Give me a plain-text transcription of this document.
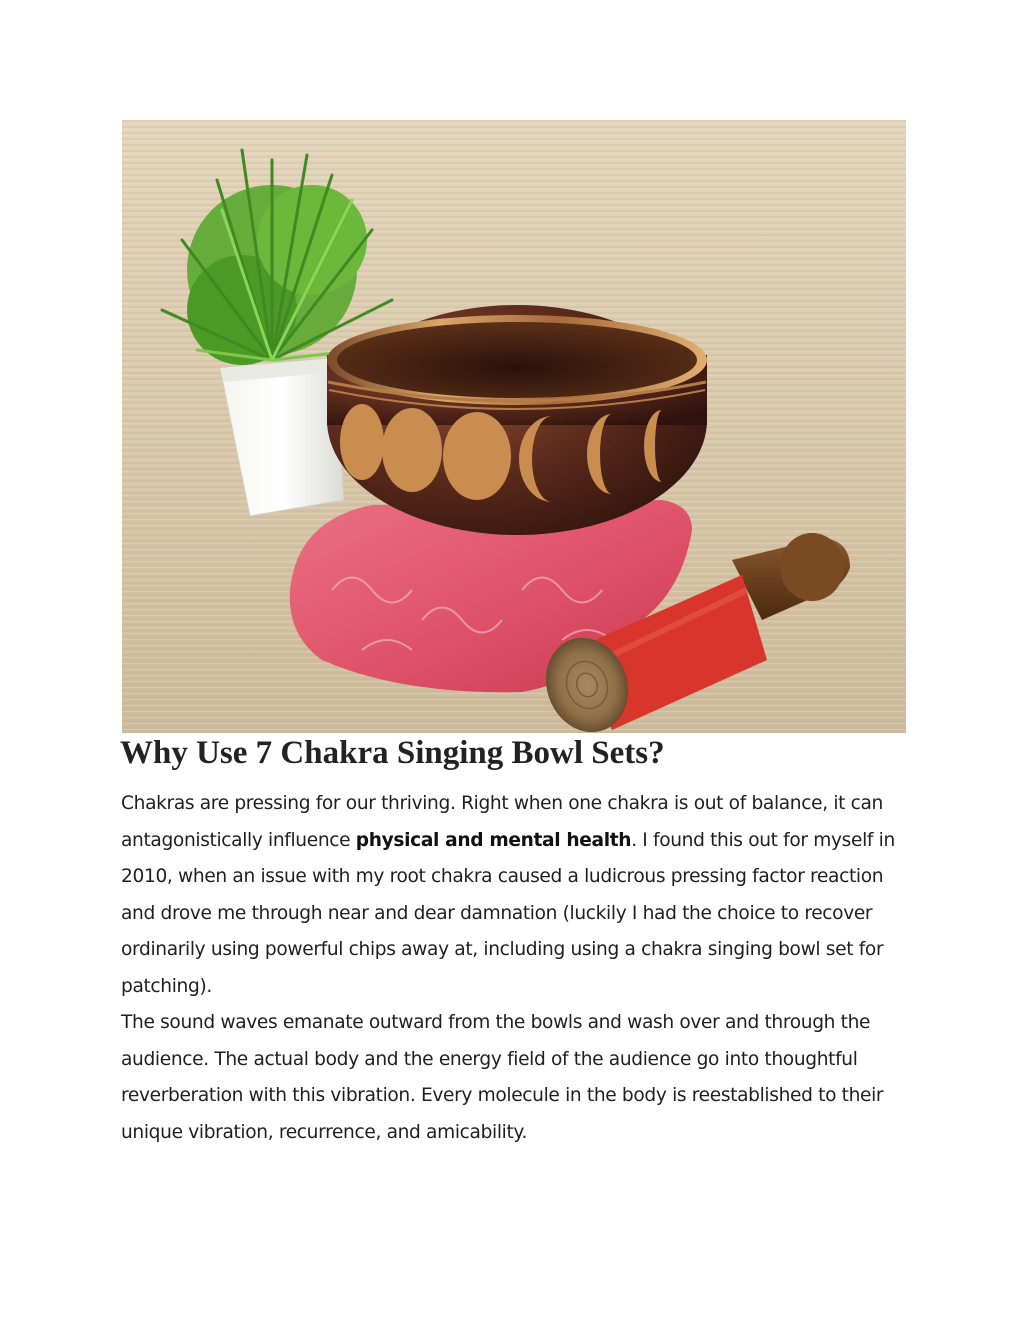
Why Use 7 Chakra Singing Bowl Sets?

Chakras are pressing for our thriving. Right when one chakra is out of balance, it can antagonistically influence physical and mental health. I found this out for myself in 2010, when an issue with my root chakra caused a ludicrous pressing factor reaction and drove me through near and dear damnation (luckily I had the choice to recover ordinarily using powerful chips away at, including using a chakra singing bowl set for patching).

The sound waves emanate outward from the bowls and wash over and through the audience. The actual body and the energy field of the audience go into thoughtful reverberation with this vibration. Every molecule in the body is reestablished to their unique vibration, recurrence, and amicability.
